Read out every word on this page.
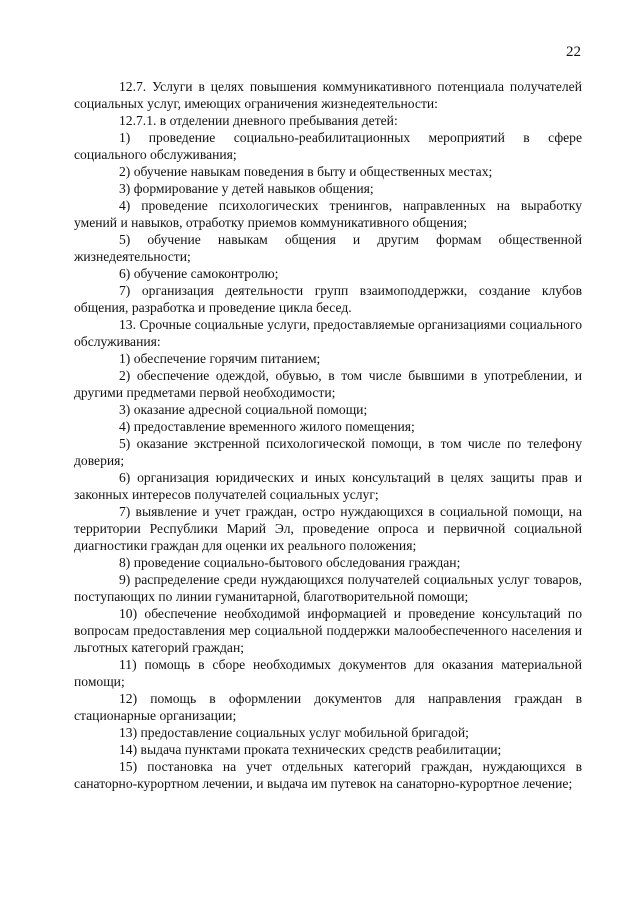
22

12.7. Услуги в целях повышения коммуникативного потенциала получателей социальных услуг, имеющих ограничения жизнедеятельности:

12.7.1. в отделении дневного пребывания детей:

1) проведение социально-реабилитационных мероприятий в сфере социального обслуживания;

2) обучение навыкам поведения в быту и общественных местах;

3) формирование у детей навыков общения;

4) проведение психологических тренингов, направленных на выработку умений и навыков, отработку приемов коммуникативного общения;

5) обучение навыкам общения и другим формам общественной жизнедеятельности;

6) обучение самоконтролю;

7) организация деятельности групп взаимоподдержки, создание клубов общения, разработка и проведение цикла бесед.

13. Срочные социальные услуги, предоставляемые организациями социального обслуживания:

1) обеспечение горячим питанием;

2) обеспечение одеждой, обувью, в том числе бывшими в употреблении, и другими предметами первой необходимости;

3) оказание адресной социальной помощи;

4) предоставление временного жилого помещения;

5) оказание экстренной психологической помощи, в том числе по телефону доверия;

6) организация юридических и иных консультаций в целях защиты прав и законных интересов получателей социальных услуг;

7) выявление и учет граждан, остро нуждающихся в социальной помощи, на территории Республики Марий Эл, проведение опроса и первичной социальной диагностики граждан для оценки их реального положения;

8) проведение социально-бытового обследования граждан;

9) распределение среди нуждающихся получателей социальных услуг товаров, поступающих по линии гуманитарной, благотворительной помощи;

10) обеспечение необходимой информацией и проведение консультаций по вопросам предоставления мер социальной поддержки малообеспеченного населения и льготных категорий граждан;

11) помощь в сборе необходимых документов для оказания материальной помощи;

12) помощь в оформлении документов для направления граждан в стационарные организации;

13) предоставление социальных услуг мобильной бригадой;

14) выдача пунктами проката технических средств реабилитации;

15) постановка на учет отдельных категорий граждан, нуждающихся в санаторно-курортном лечении, и выдача им путевок на санаторно-курортное лечение;
